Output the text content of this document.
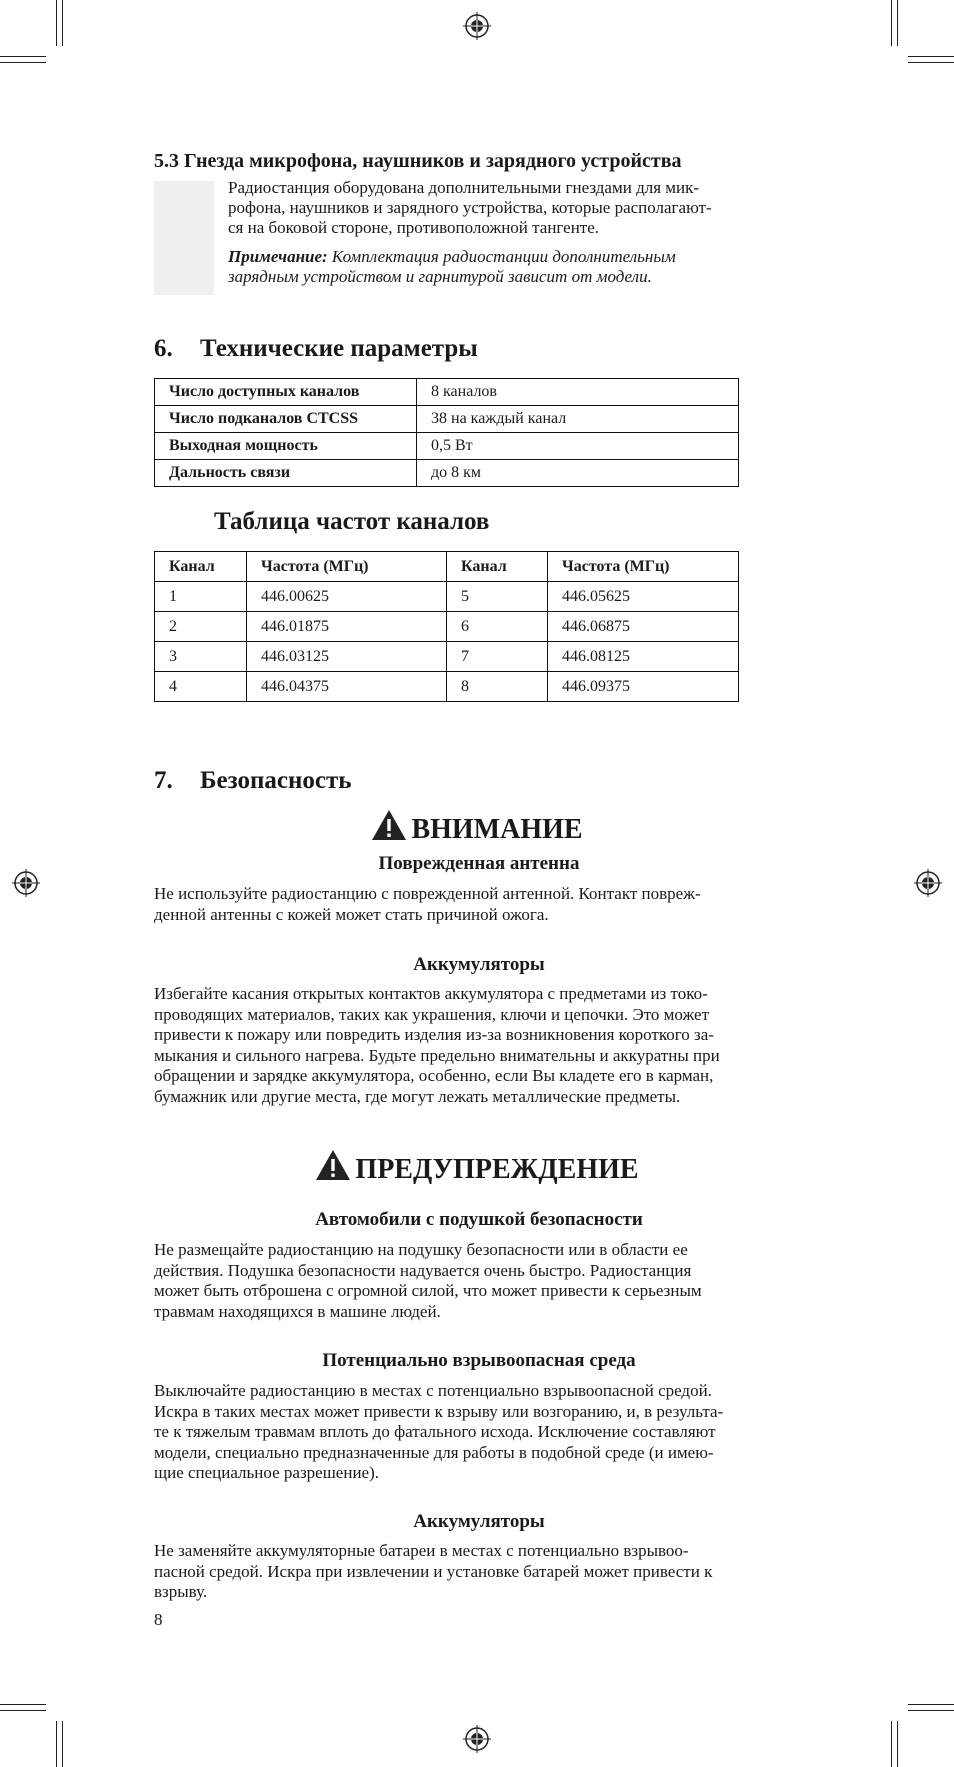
5.3 Гнезда микрофона, наушников и зарядного устройства
Радиостанция оборудована дополнительными гнездами для мик-
рофона, наушников и зарядного устройства, которые располагают-
ся на боковой стороне, противоположной тангенте.
Примечание: Комплектация радиостанции дополнительным
зарядным устройством и гарнитурой зависит от модели.
6. Технические параметры
Число доступных каналов	8 каналов
Число подканалов CTCSS	38 на каждый канал
Выходная мощность	0,5 Вт
Дальность связи	до 8 км
Таблица частот каналов
Канал	Частота (МГц)	Канал	Частота (МГц)
1	446.00625	5	446.05625
2	446.01875	6	446.06875
3	446.03125	7	446.08125
4	446.04375	8	446.09375
7. Безопасность
ВНИМАНИЕ
Поврежденная антенна
Не используйте радиостанцию с поврежденной антенной. Контакт повреж-
денной антенны с кожей может стать причиной ожога.
Аккумуляторы
Избегайте касания открытых контактов аккумулятора с предметами из токо-
проводящих материалов, таких как украшения, ключи и цепочки. Это может
привести к пожару или повредить изделия из-за возникновения короткого за-
мыкания и сильного нагрева. Будьте предельно внимательны и аккуратны при
обращении и зарядке аккумулятора, особенно, если Вы кладете его в карман,
бумажник или другие места, где могут лежать металлические предметы.
ПРЕДУПРЕЖДЕНИЕ
Автомобили с подушкой безопасности
Не размещайте радиостанцию на подушку безопасности или в области ее
действия. Подушка безопасности надувается очень быстро. Радиостанция
может быть отброшена с огромной силой, что может привести к серьезным
травмам находящихся в машине людей.
Потенциально взрывоопасная среда
Выключайте радиостанцию в местах с потенциально взрывоопасной средой.
Искра в таких местах может привести к взрыву или возгоранию, и, в результа-
те к тяжелым травмам вплоть до фатального исхода. Исключение составляют
модели, специально предназначенные для работы в подобной среде (и имею-
щие специальное разрешение).
Аккумуляторы
Не заменяйте аккумуляторные батареи в местах с потенциально взрывоо-
пасной средой. Искра при извлечении и установке батарей может привести к
взрыву.
8
